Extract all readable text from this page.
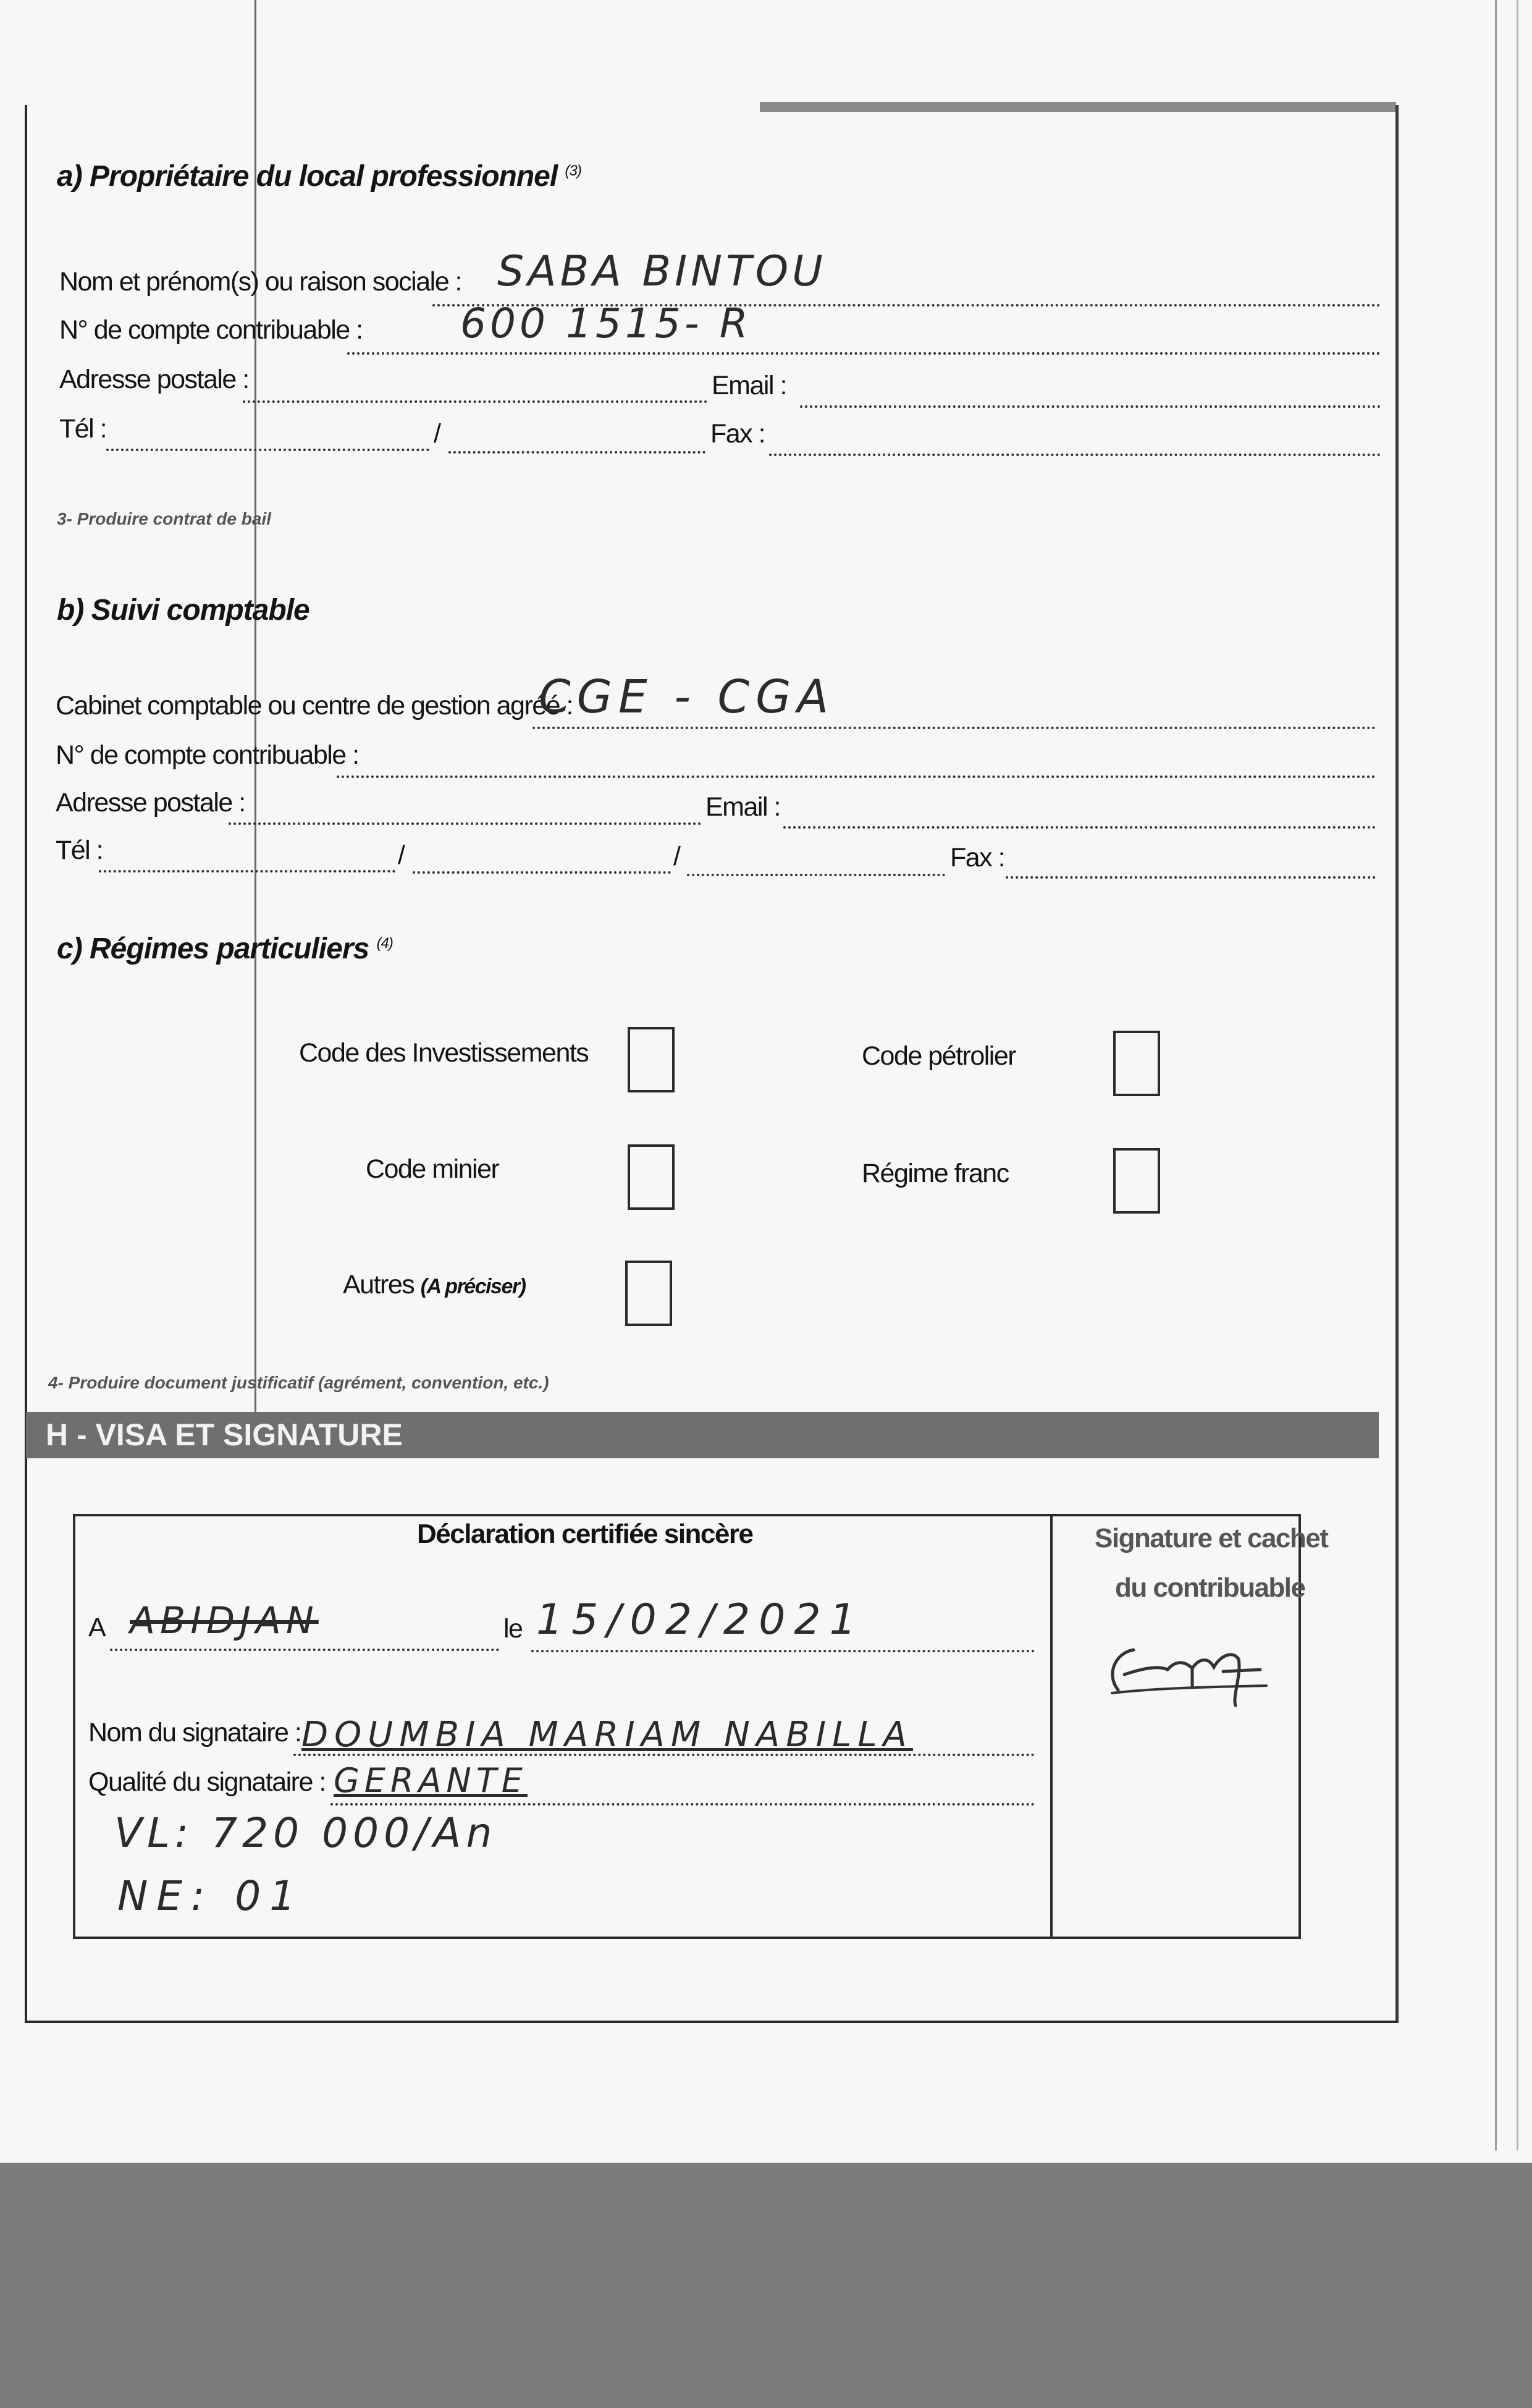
a) Propriétaire du local professionnel $^{(3)}$
Nom et prénom(s) ou raison sociale : SABA BINTOU
N° de compte contribuable : 600 1515- R
Adresse postale :	Email :
Tél :	/	Fax :
3- Produire contrat de bail
b) Suivi comptable
Cabinet comptable ou centre de gestion agréé :
CGE - CGA
N° de compte contribuable :
Adresse postale :	Email :
Tél :	/	/	Fax :
c) Régimes particuliers $^{(4)}$
Code des Investissements	Code pétrolier
Code minier	Régime franc
Autres (A préciser)
4- Produire document justificatif (agrément, convention, etc.)
H - VISA ET SIGNATURE
Déclaration certifiée sincère	Signature et cachet
du contribuable
A ABIDJAN	le 15/02/2021
Nom du signataire : DOUMBIA MARIAM NABILLA
Qualité du signataire : GERANTE
VL: 720 000/An
NE: 01
